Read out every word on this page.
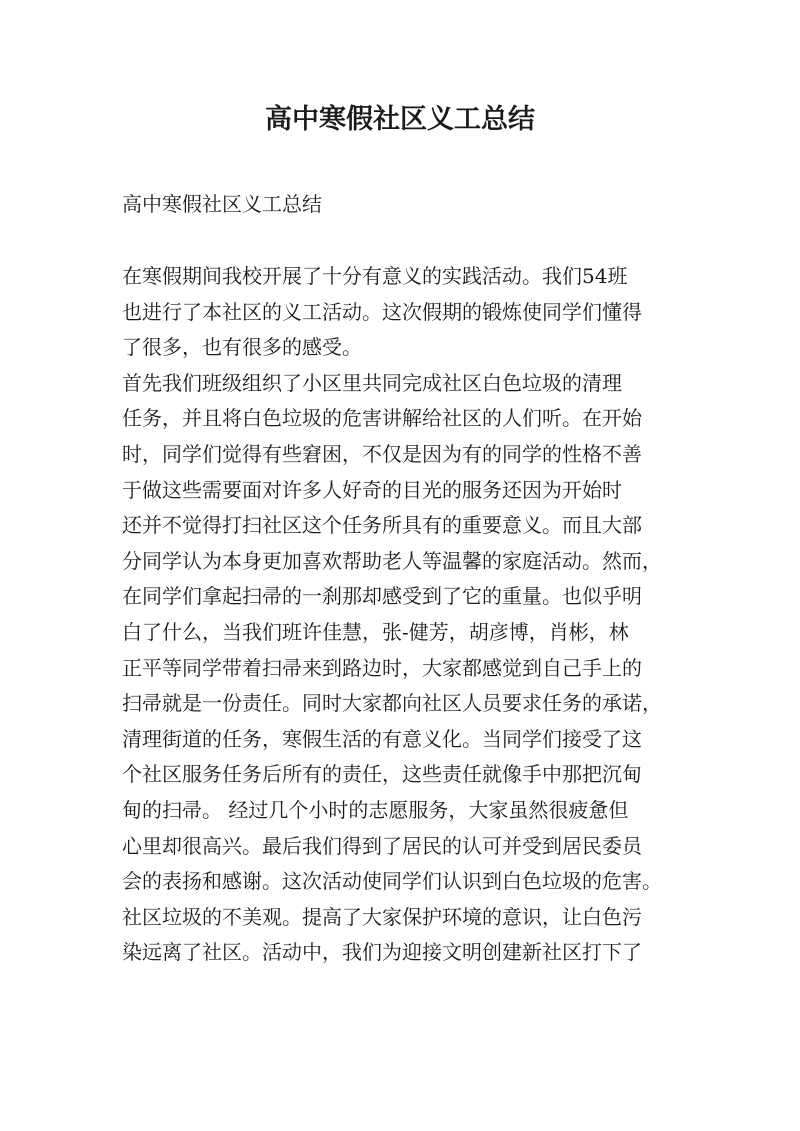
高中寒假社区义工总结

高中寒假社区义工总结

在寒假期间我校开展了十分有意义的实践活动。我们54班
也进行了本社区的义工活动。这次假期的锻炼使同学们懂得
了很多，也有很多的感受。
首先我们班级组织了小区里共同完成社区白色垃圾的清理
任务，并且将白色垃圾的危害讲解给社区的人们听。在开始
时，同学们觉得有些窘困，不仅是因为有的同学的性格不善
于做这些需要面对许多人好奇的目光的服务还因为开始时
还并不觉得打扫社区这个任务所具有的重要意义。而且大部
分同学认为本身更加喜欢帮助老人等温馨的家庭活动。然而，
在同学们拿起扫帚的一刹那却感受到了它的重量。也似乎明
白了什么，当我们班许佳慧，张-健芳，胡彦博，肖彬，林
正平等同学带着扫帚来到路边时，大家都感觉到自己手上的
扫帚就是一份责任。同时大家都向社区人员要求任务的承诺，
清理街道的任务，寒假生活的有意义化。当同学们接受了这
个社区服务任务后所有的责任，这些责任就像手中那把沉甸
甸的扫帚。 经过几个小时的志愿服务，大家虽然很疲惫但
心里却很高兴。最后我们得到了居民的认可并受到居民委员
会的表扬和感谢。这次活动使同学们认识到白色垃圾的危害。
社区垃圾的不美观。提高了大家保护环境的意识，让白色污
染远离了社区。活动中，我们为迎接文明创建新社区打下了
